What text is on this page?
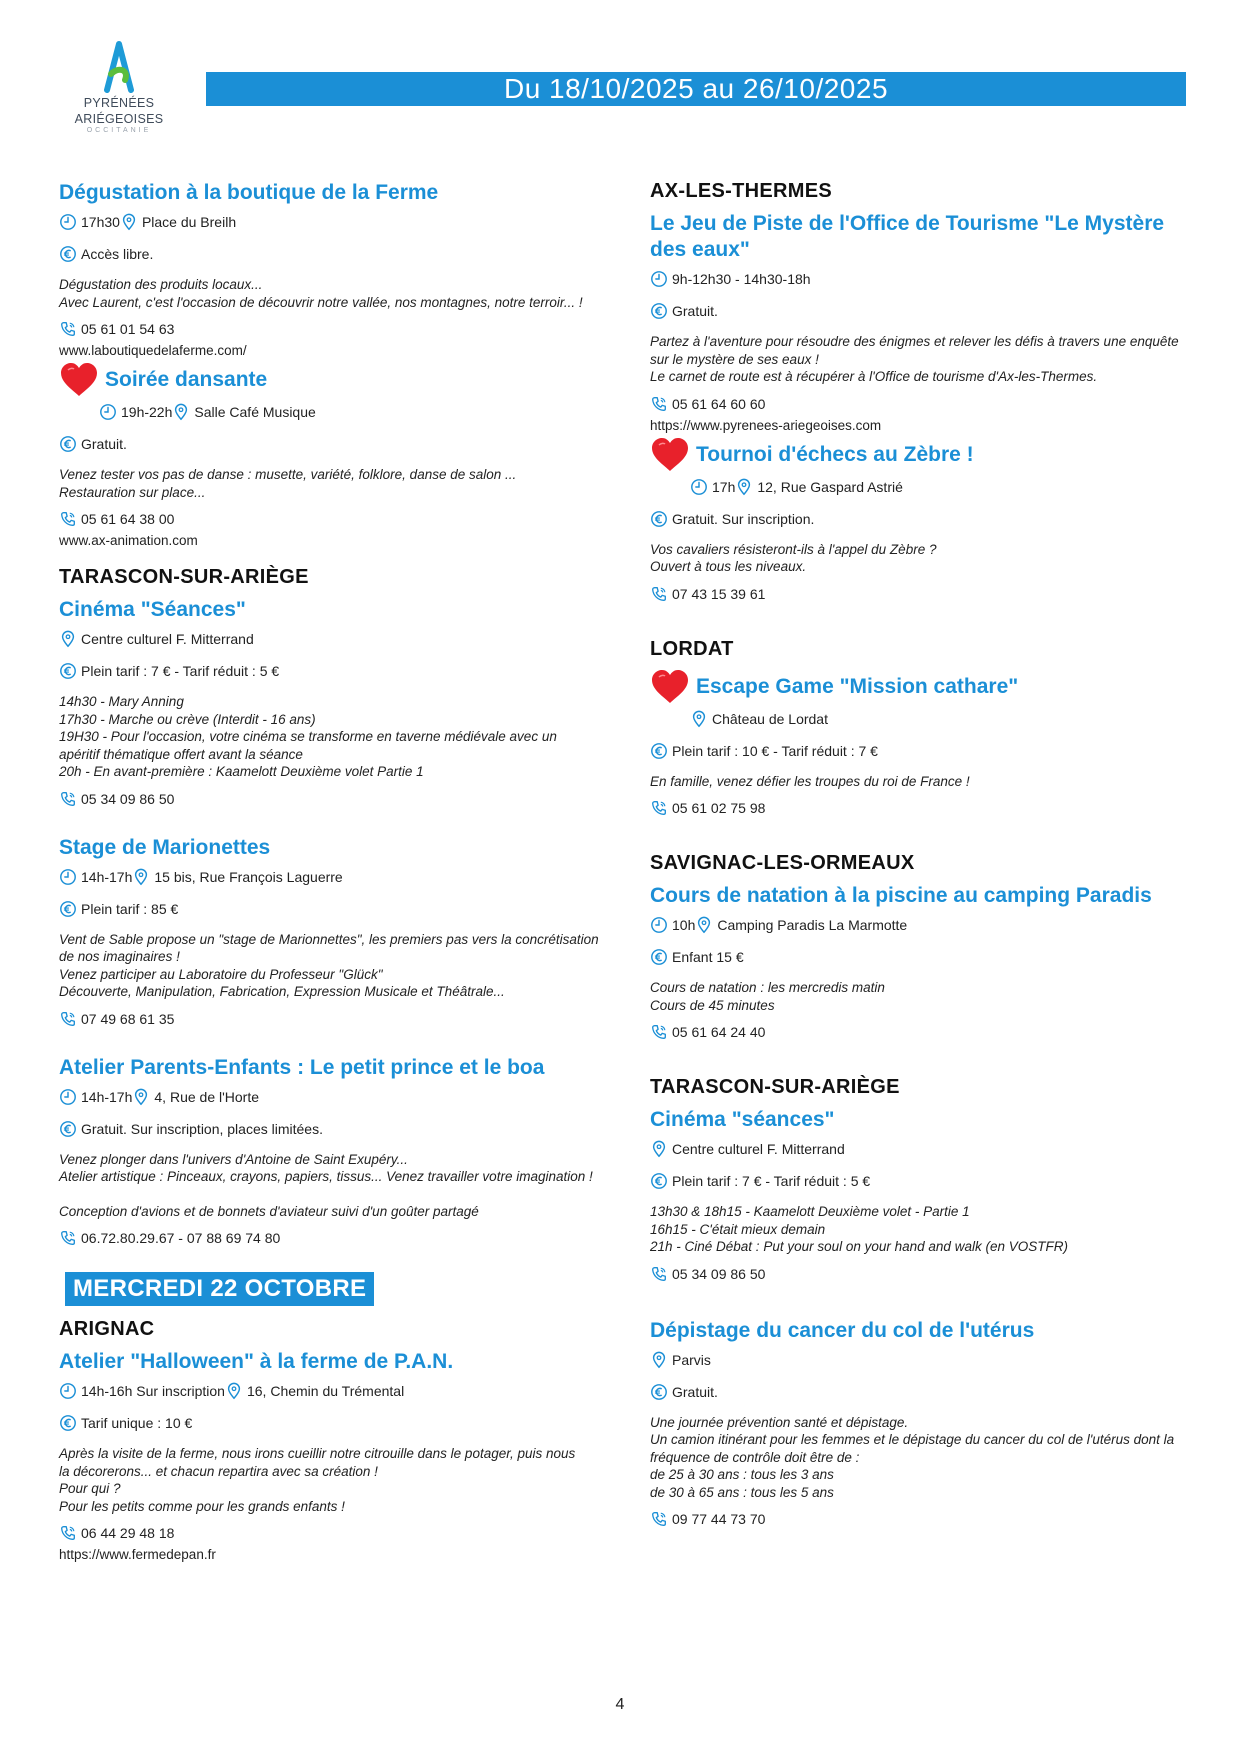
PYRÉNÉES
ARIÉGEOISES
OCCITANIE
Du 18/10/2025 au 26/10/2025
Dégustation à la boutique de la Ferme
17h30 Place du Breilh
Accès libre.
Dégustation des produits locaux...
Avec Laurent, c'est l'occasion de découvrir notre vallée, nos montagnes, notre terroir... !
05 61 01 54 63
www.laboutiquedelaferme.com/
Soirée dansante
19h-22h Salle Café Musique
Gratuit.
Venez tester vos pas de danse : musette, variété, folklore, danse de salon ...
Restauration sur place...
05 61 64 38 00
www.ax-animation.com
TARASCON-SUR-ARIÈGE
Cinéma "Séances"
Centre culturel F. Mitterrand
Plein tarif : 7 € - Tarif réduit : 5 €
14h30 - Mary Anning
17h30 - Marche ou crève (Interdit - 16 ans)
19H30 - Pour l'occasion, votre cinéma se transforme en taverne médiévale avec un
apéritif thématique offert avant la séance
20h - En avant-première : Kaamelott Deuxième volet Partie 1
05 34 09 86 50
Stage de Marionettes
14h-17h 15 bis, Rue François Laguerre
Plein tarif : 85 €
Vent de Sable propose un "stage de Marionnettes", les premiers pas vers la concrétisation
de nos imaginaires !
Venez participer au Laboratoire du Professeur "Glück"
Découverte, Manipulation, Fabrication, Expression Musicale et Théâtrale...
07 49 68 61 35
Atelier Parents-Enfants : Le petit prince et le boa
14h-17h 4, Rue de l'Horte
Gratuit. Sur inscription, places limitées.
Venez plonger dans l'univers d'Antoine de Saint Exupéry...
Atelier artistique : Pinceaux, crayons, papiers, tissus... Venez travailler votre imagination !
Conception d'avions et de bonnets d'aviateur suivi d'un goûter partagé
06.72.80.29.67 - 07 88 69 74 80
MERCREDI 22 OCTOBRE
ARIGNAC
Atelier "Halloween" à la ferme de P.A.N.
14h-16h Sur inscription 16, Chemin du Trémental
Tarif unique : 10 €
Après la visite de la ferme, nous irons cueillir notre citrouille dans le potager, puis nous
la décorerons... et chacun repartira avec sa création !
Pour qui ?
Pour les petits comme pour les grands enfants !
06 44 29 48 18
https://www.fermedepan.fr
AX-LES-THERMES
Le Jeu de Piste de l'Office de Tourisme "Le Mystère des eaux"
9h-12h30 - 14h30-18h
Gratuit.
Partez à l'aventure pour résoudre des énigmes et relever les défis à travers une enquête
sur le mystère de ses eaux !
Le carnet de route est à récupérer à l'Office de tourisme d'Ax-les-Thermes.
05 61 64 60 60
https://www.pyrenees-ariegeoises.com
Tournoi d'échecs au Zèbre !
17h 12, Rue Gaspard Astrié
Gratuit. Sur inscription.
Vos cavaliers résisteront-ils à l'appel du Zèbre ?
Ouvert à tous les niveaux.
07 43 15 39 61
LORDAT
Escape Game "Mission cathare"
Château de Lordat
Plein tarif : 10 € - Tarif réduit : 7 €
En famille, venez défier les troupes du roi de France !
05 61 02 75 98
SAVIGNAC-LES-ORMEAUX
Cours de natation à la piscine au camping Paradis
10h Camping Paradis La Marmotte
Enfant 15 €
Cours de natation : les mercredis matin
Cours de 45 minutes
05 61 64 24 40
TARASCON-SUR-ARIÈGE
Cinéma "séances"
Centre culturel F. Mitterrand
Plein tarif : 7 € - Tarif réduit : 5 €
13h30 & 18h15 - Kaamelott Deuxième volet - Partie 1
16h15 - C'était mieux demain
21h - Ciné Débat : Put your soul on your hand and walk (en VOSTFR)
05 34 09 86 50
Dépistage du cancer du col de l'utérus
Parvis
Gratuit.
Une journée prévention santé et dépistage.
Un camion itinérant pour les femmes et le dépistage du cancer du col de l'utérus dont la
fréquence de contrôle doit être de :
de 25 à 30 ans : tous les 3 ans
de 30 à 65 ans : tous les 5 ans
09 77 44 73 70
4
